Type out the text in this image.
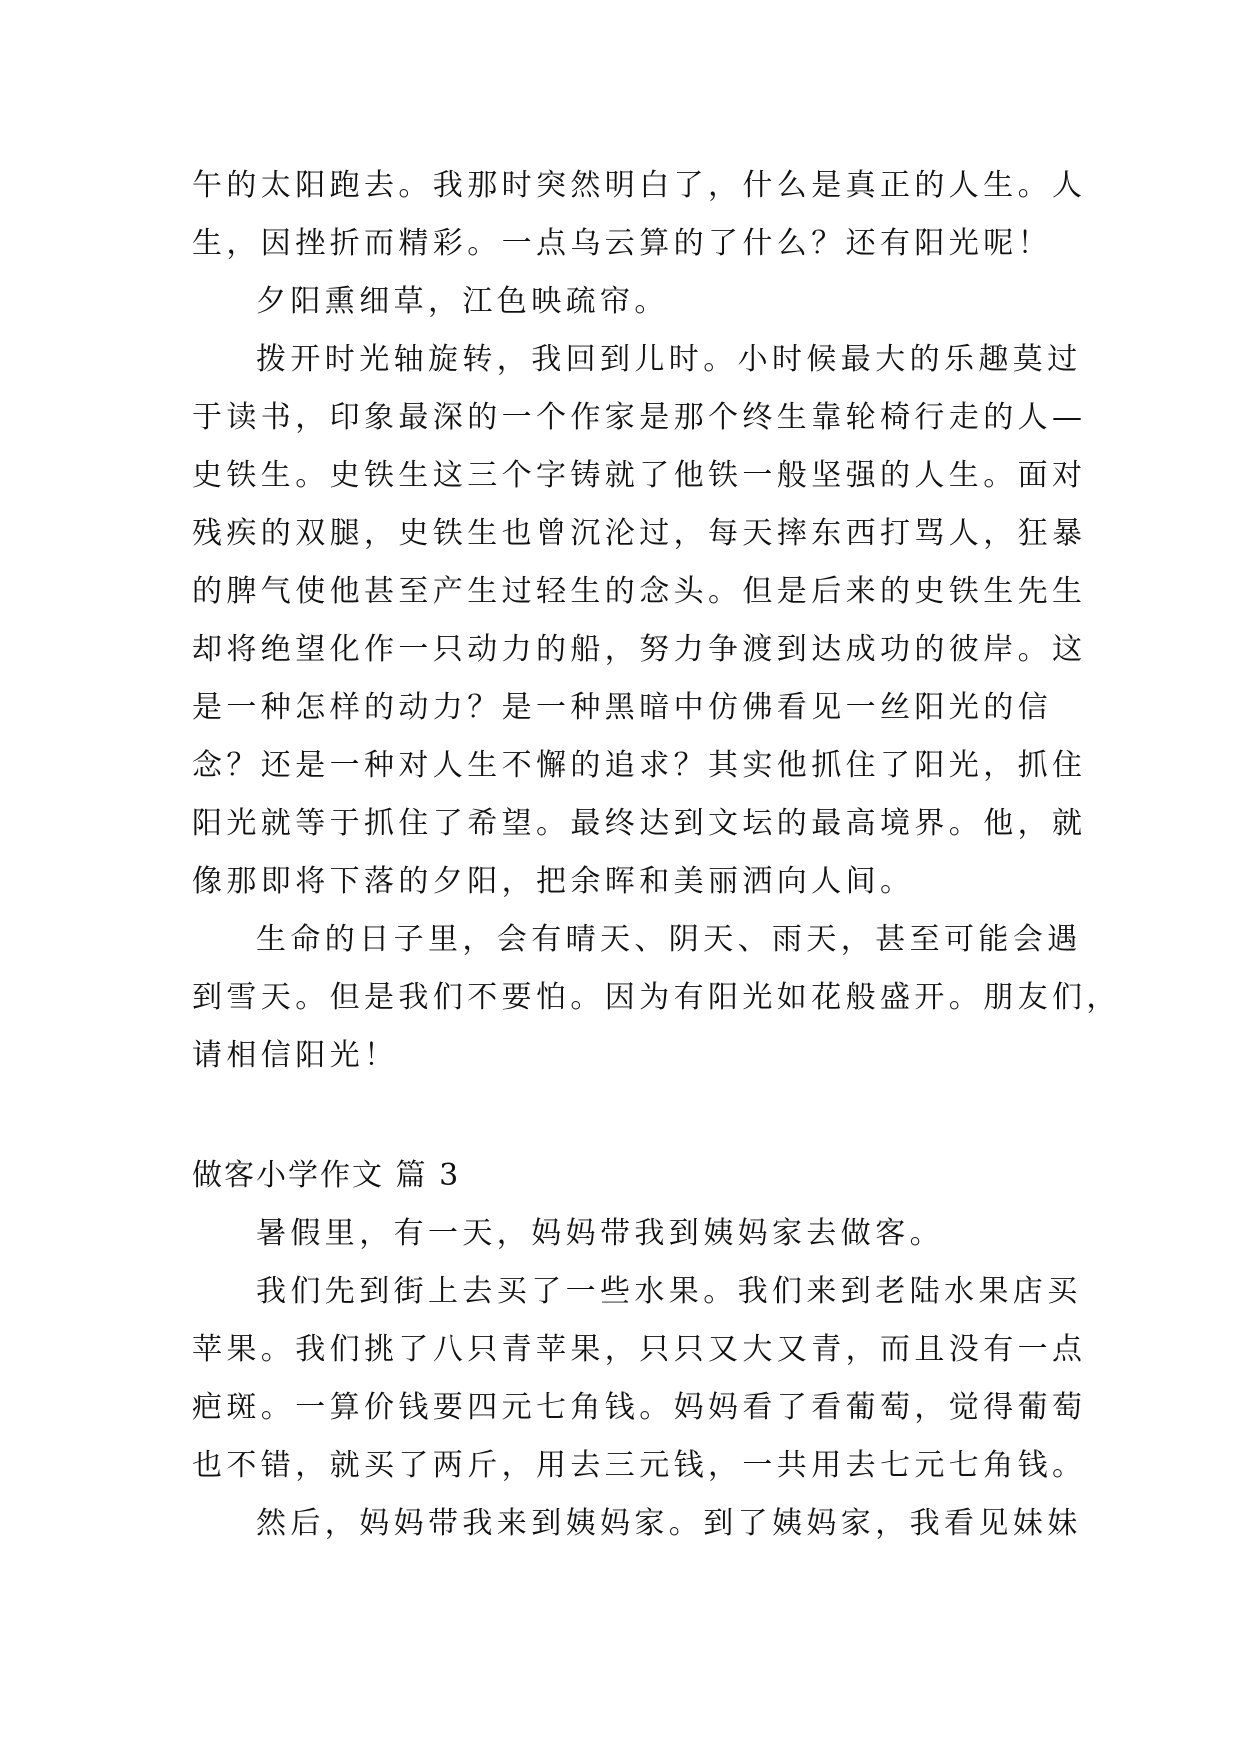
午的太阳跑去。我那时突然明白了，什么是真正的人生。人
生，因挫折而精彩。一点乌云算的了什么？还有阳光呢！
夕阳熏细草，江色映疏帘。
拨开时光轴旋转，我回到儿时。小时候最大的乐趣莫过
于读书，印象最深的一个作家是那个终生靠轮椅行走的人—
史铁生。史铁生这三个字铸就了他铁一般坚强的人生。面对
残疾的双腿，史铁生也曾沉沦过，每天摔东西打骂人，狂暴
的脾气使他甚至产生过轻生的念头。但是后来的史铁生先生
却将绝望化作一只动力的船，努力争渡到达成功的彼岸。这
是一种怎样的动力？是一种黑暗中仿佛看见一丝阳光的信
念？还是一种对人生不懈的追求？其实他抓住了阳光，抓住
阳光就等于抓住了希望。最终达到文坛的最高境界。他，就
像那即将下落的夕阳，把余晖和美丽洒向人间。
生命的日子里，会有晴天、阴天、雨天，甚至可能会遇
到雪天。但是我们不要怕。因为有阳光如花般盛开。朋友们，
请相信阳光！
做客小学作文 篇 3
暑假里，有一天，妈妈带我到姨妈家去做客。
我们先到街上去买了一些水果。我们来到老陆水果店买
苹果。我们挑了八只青苹果，只只又大又青，而且没有一点
疤斑。一算价钱要四元七角钱。妈妈看了看葡萄，觉得葡萄
也不错，就买了两斤，用去三元钱，一共用去七元七角钱。
然后，妈妈带我来到姨妈家。到了姨妈家，我看见妹妹
